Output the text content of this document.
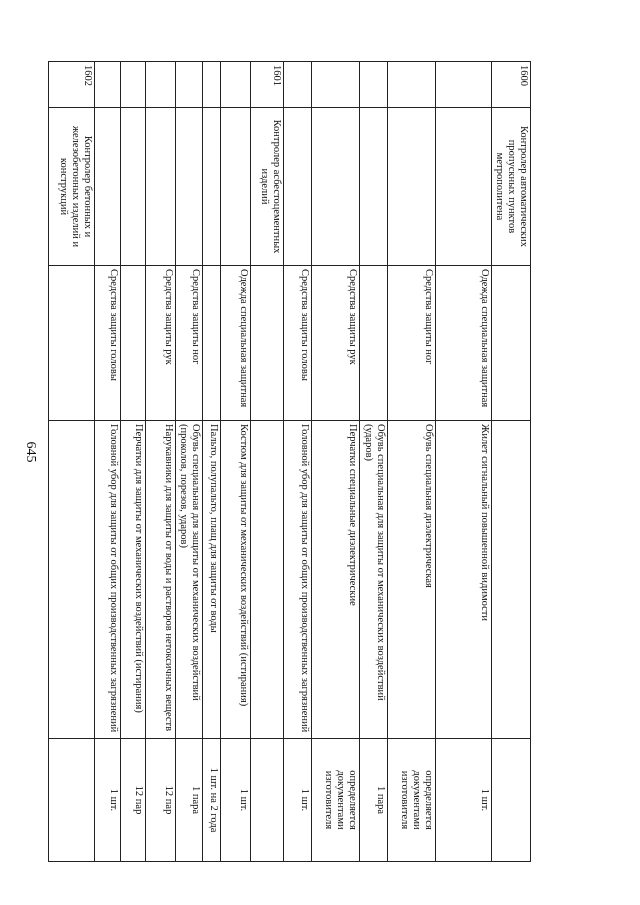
645
1600	Контролер автоматических пропускных пунктов метрополитена			
		Одежда специальная защитная	Жилет сигнальный повышенной видимости	1 шт.
		Средства защиты ног	Обувь специальная диэлектрическая	определяется документами изготовителя
			Обувь специальная для защиты от механических воздействий (ударов)	1 пара
		Средства защиты рук	Перчатки специальные диэлектрические	определяется документами изготовителя
		Средства защиты головы	Головной убор для защиты от общих производственных загрязнений	1 шт.
1601	Контролер асбестоцементных изделий			
		Одежда специальная защитная	Костюм для защиты от механических воздействий (истирания)	1 шт.
			Пальто, полупальто, плащ для защиты от воды	1 шт. на 2 года
		Средства защиты ног	Обувь специальная для защиты от механических воздействий (проколов, порезов, ударов)	1 пара
		Средства защиты рук	Нарукавники для защиты от воды и растворов нетоксичных веществ	12 пар
			Перчатки для защиты от механических воздействий (истирания)	12 пар
		Средства защиты головы	Головной убор для защиты от общих производственных загрязнений	1 шт.
1602	Контролер бетонных и железобетонных изделий и конструкций			
